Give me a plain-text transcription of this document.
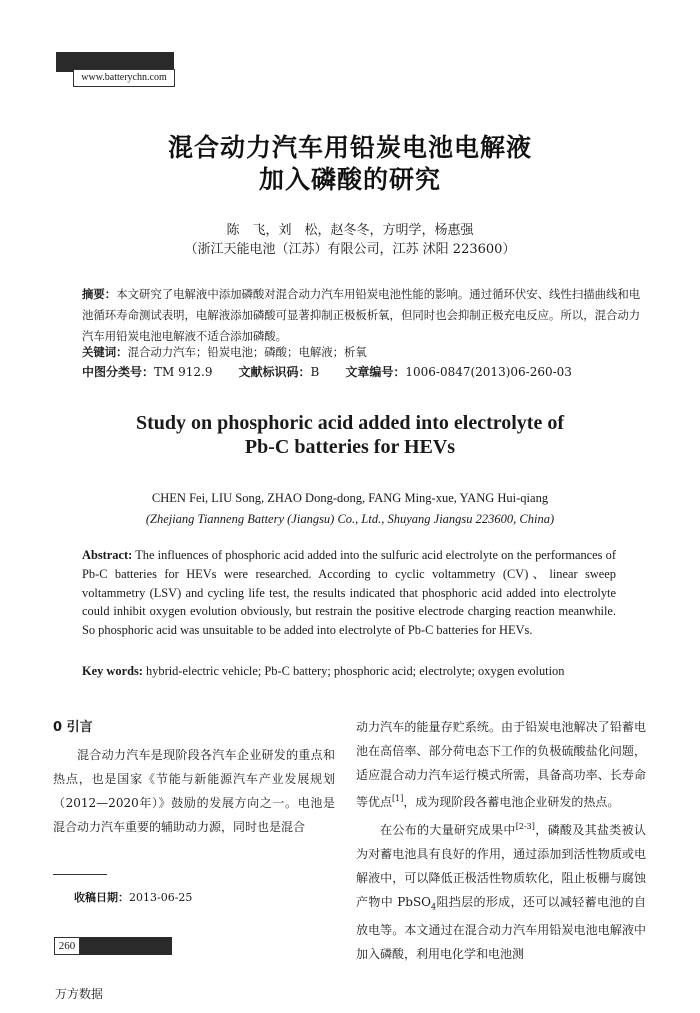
www.batterychn.com
混合动力汽车用铅炭电池电解液
加入磷酸的研究
陈　飞，刘　松，赵冬冬，方明学，杨惠强
（浙江天能电池（江苏）有限公司，江苏 沭阳 223600）
摘要：本文研究了电解液中添加磷酸对混合动力汽车用铅炭电池性能的影响。通过循环伏安、线性扫描曲线和电池循环寿命测试表明，电解液添加磷酸可显著抑制正极板析氧，但同时也会抑制正极充电反应。所以，混合动力汽车用铅炭电池电解液不适合添加磷酸。
关键词：混合动力汽车；铅炭电池；磷酸；电解液；析氧
中图分类号：TM 912.9 文献标识码：B 文章编号：1006-0847(2013)06-260-03
Study on phosphoric acid added into electrolyte of
Pb-C batteries for HEVs
CHEN Fei, LIU Song, ZHAO Dong-dong, FANG Ming-xue, YANG Hui-qiang
(Zhejiang Tianneng Battery (Jiangsu) Co., Ltd., Shuyang Jiangsu 223600, China)
Abstract: The influences of phosphoric acid added into the sulfuric acid electrolyte on the performances of Pb-C batteries for HEVs were researched. According to cyclic voltammetry (CV)、linear sweep voltammetry (LSV) and cycling life test, the results indicated that phosphoric acid added into electrolyte could inhibit oxygen evolution obviously, but restrain the positive electrode charging reaction meanwhile. So phosphoric acid was unsuitable to be added into electrolyte of Pb-C batteries for HEVs.
Key words: hybrid-electric vehicle; Pb-C battery; phosphoric acid; electrolyte; oxygen evolution
0 引言

混合动力汽车是现阶段各汽车企业研发的重点和热点，也是国家《节能与新能源汽车产业发展规划（2012—2020年）》鼓励的发展方向之一。电池是混合动力汽车重要的辅助动力源，同时也是混合

动力汽车的能量存贮系统。由于铅炭电池解决了铅蓄电池在高倍率、部分荷电态下工作的负极硫酸盐化问题，适应混合动力汽车运行模式所需，具备高功率、长寿命等优点[1]，成为现阶段各蓄电池企业研发的热点。

在公布的大量研究成果中[2-3]，磷酸及其盐类被认为对蓄电池具有良好的作用，通过添加到活性物质或电解液中，可以降低正极活性物质软化，阻止板栅与腐蚀产物中 PbSO$_4$阻挡层的形成，还可以减轻蓄电池的自放电等。本文通过在混合动力汽车用铅炭电池电解液中加入磷酸，利用电化学和电池测

收稿日期：2013-06-25
260
万方数据
